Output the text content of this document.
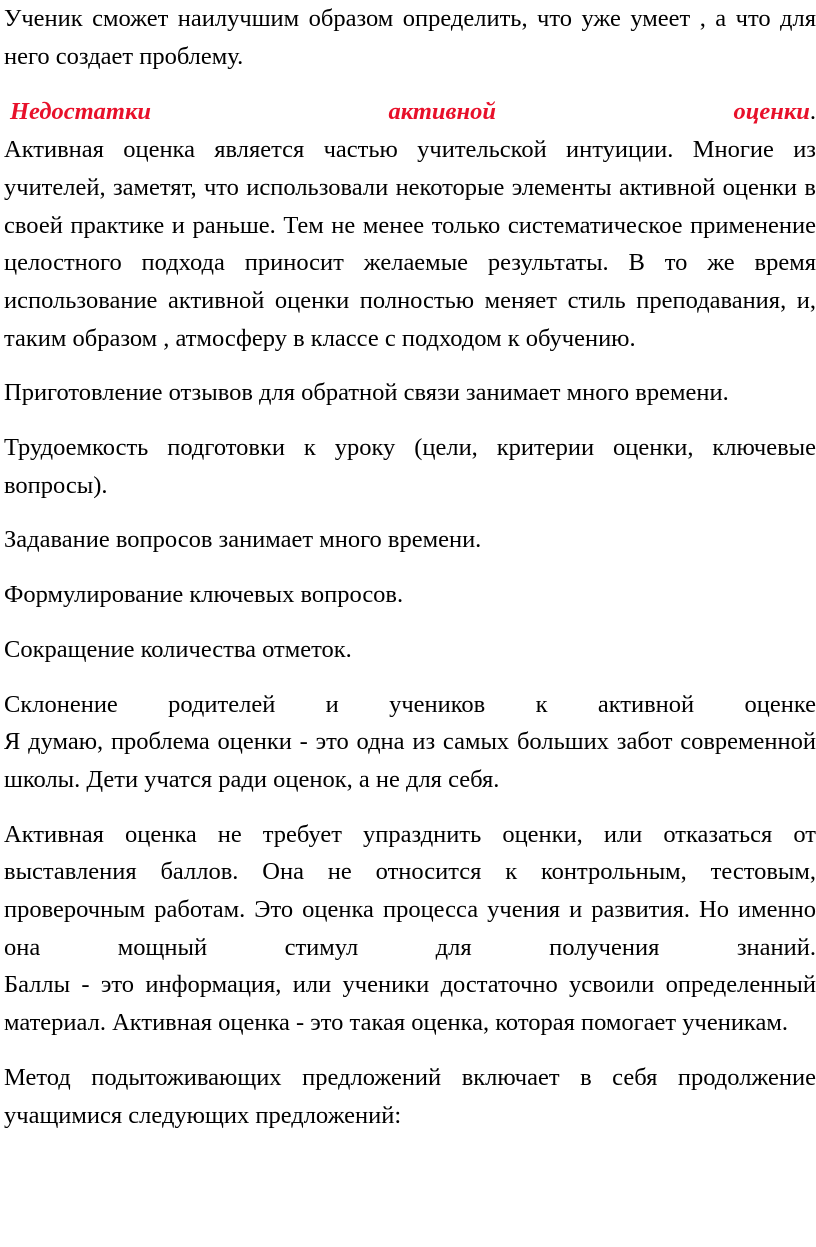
Ученик сможет наилучшим образом определить, что уже умеет , а что для него создает проблему.

Недостатки	активной	оценки.

Активная оценка является частью учительской интуиции. Многие из учителей, заметят, что использовали некоторые элементы активной оценки в своей практике и раньше. Тем не менее только систематическое применение целостного подхода приносит желаемые результаты. В то же время использование активной оценки полностью меняет стиль преподавания, и, таким образом , атмосферу в классе с подходом к обучению.

Приготовление отзывов для обратной связи занимает много времени.

Трудоемкость подготовки к уроку (цели, критерии оценки, ключевые вопросы).

Задавание вопросов занимает много времени.

Формулирование ключевых вопросов.

Сокращение количества отметок.

Склонение родителей и учеников к активной оценке

Я думаю, проблема оценки - это одна из самых больших забот современной школы. Дети учатся ради оценок, а не для себя.

Активная оценка не требует упразднить оценки, или отказаться от выставления баллов. Она не относится к контрольным, тестовым, проверочным работам. Это оценка процесса учения и развития. Но именно она мощный стимул для получения знаний.

Баллы - это информация, или ученики достаточно усвоили определенный материал. Активная оценка - это такая оценка, которая помогает ученикам.

Метод подытоживающих предложений включает в себя продолжение учащимися следующих предложений:
